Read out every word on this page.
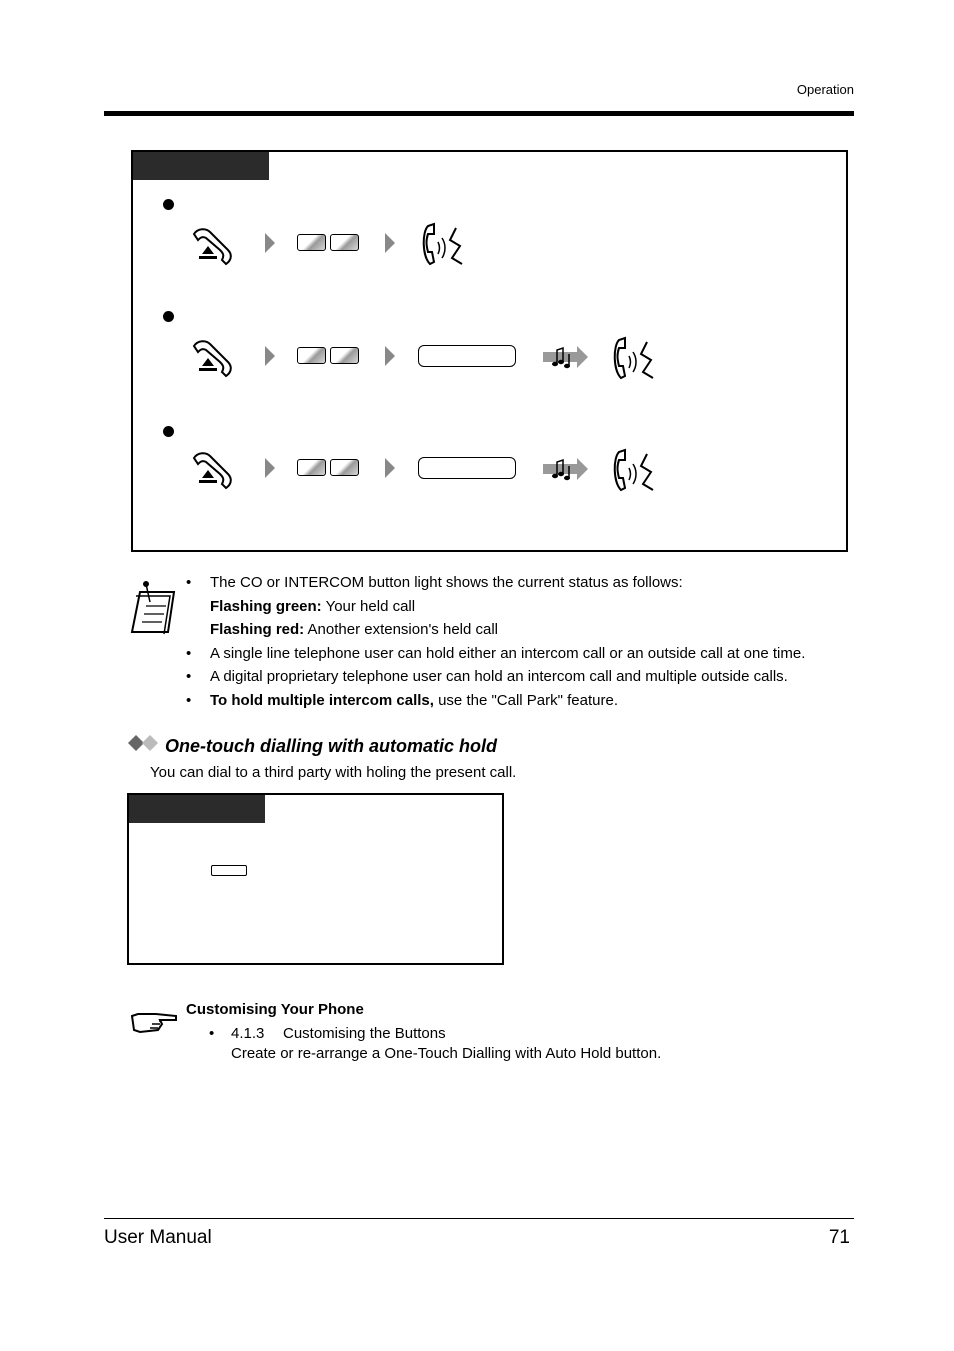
Operation
• The CO or INTERCOM button light shows the current status as follows:
Flashing green: Your held call
Flashing red: Another extension's held call
• A single line telephone user can hold either an intercom call or an outside call at one time.
• A digital proprietary telephone user can hold an intercom call and multiple outside calls.
• To hold multiple intercom calls, use the "Call Park" feature.
One-touch dialling with automatic hold
You can dial to a third party with holing the present call.
Customising Your Phone
• 4.1.3 Customising the Buttons
Create or re-arrange a One-Touch Dialling with Auto Hold button.
User Manual	71
